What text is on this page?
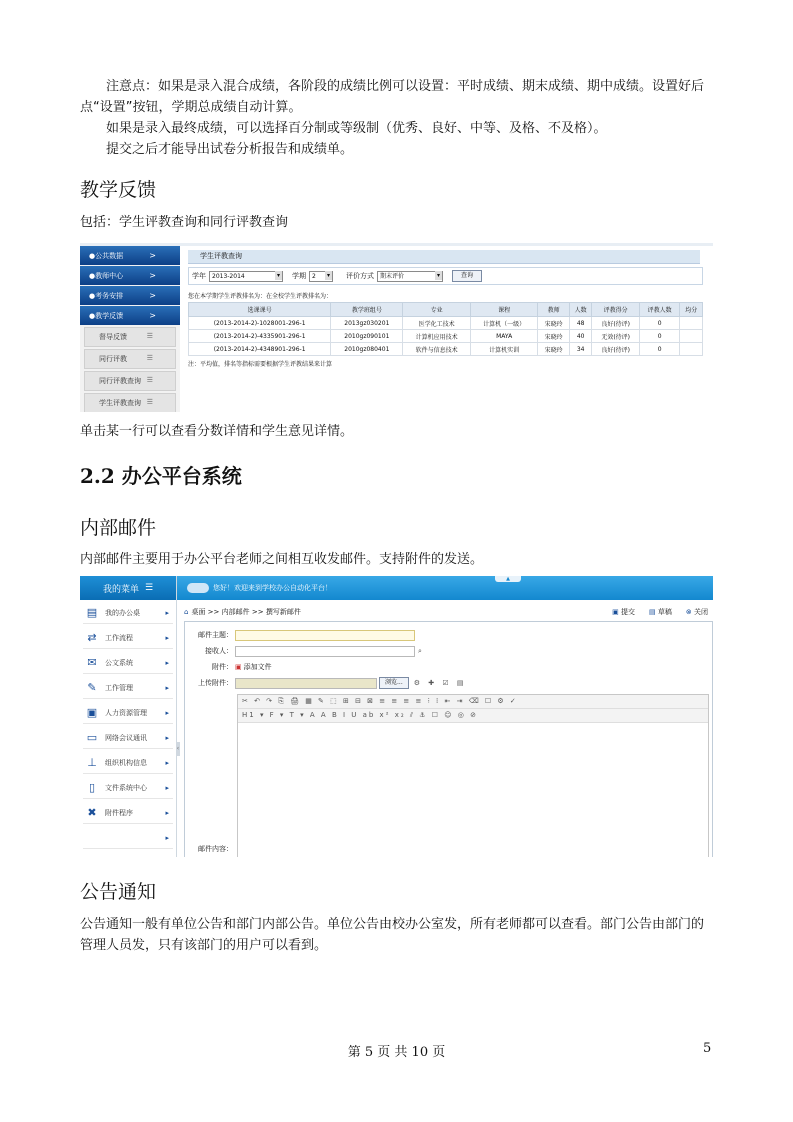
注意点：如果是录入混合成绩，各阶段的成绩比例可以设置：平时成绩、期末成绩、期中成绩。设置好后点“设置”按钮，学期总成绩自动计算。

如果是录入最终成绩，可以选择百分制或等级制（优秀、良好、中等、及格、不及格）。

提交之后才能导出试卷分析报告和成绩单。

教学反馈

包括：学生评教查询和同行评教查询

● 公共数据	>
● 教师中心	>
● 考务安排	>
● 教学反馈	>
督导反馈	☰
同行评教	☰
同行评教查询 ☰
学生评教查询 ☰
学生评教查询
学年	2013-2014 ▾	学期	2 ▾	评价方式	期末评价 ▾	查询
您在本学期学生评教排名为：在全校学生评教排名为：
选课课号	教学班组号	专业	课程	教师	人数	评教得分	评教人数	均分
(2013-2014-2)-1028001-296-1	2013gz030201	医学化工技术	计算机（一级）	宋晓玲	48	良好(待评)	0	
(2013-2014-2)-4335901-296-1	2010gz090101	计算机应用技术	MAYA	宋晓玲	40	无效(待评)	0	
(2013-2014-2)-4348901-296-1	2010gz080401	软件与信息技术	计算机实训	宋晓玲	34	良好(待评)	0	
注：平均值，排名等指标需要根据学生评教结果来计算

单击某一行可以查看分数详情和学生意见详情。

2.2 办公平台系统
内部邮件

内部邮件主要用于办公平台老师之间相互收发邮件。支持附件的发送。

我的菜单 ☰
▤ 我的办公桌	▸
⇄	工作流程	▸
✉	公文系统	▸
✎	工作管理	▸
▣ 人力资源管理	▸
▭ 网络会议通讯	▸
⊥	组织机构信息	▸
▯	文件系统中心	▸
✖	附件程序	▸
▸
‹
您好！欢迎来到学校办公自动化平台！
▲
⌂ 桌面 >> 内部邮件 >> 撰写新邮件	▣ 提交 ▤ 草稿 ⊗ 关闭
邮件主题：
接收人：	⌕
附件： ▣ 添加文件
上传附件：	浏览...	⚙ ✚ ☑ ▤
✂ ↶ ↷ ⎘ 🖨 ▦ ✎ ⬚ ⊞ ⊟ ⊠ ≡ ≡ ≡ ≡ ⁝ ⁞ ⇤ ⇥ ⌫ ☐ ⚙ ✓
H1 ▾ F ▾ T ▾ A A B I U ab x² x₂ ⫽ ⚓ ☐ ☺ ◎ ⊘
邮件内容：
公告通知

公告通知一般有单位公告和部门内部公告。单位公告由校办公室发，所有老师都可以查看。部门公告由部门的管理人员发，只有该部门的用户可以看到。

第 5 页 共 10 页	5
